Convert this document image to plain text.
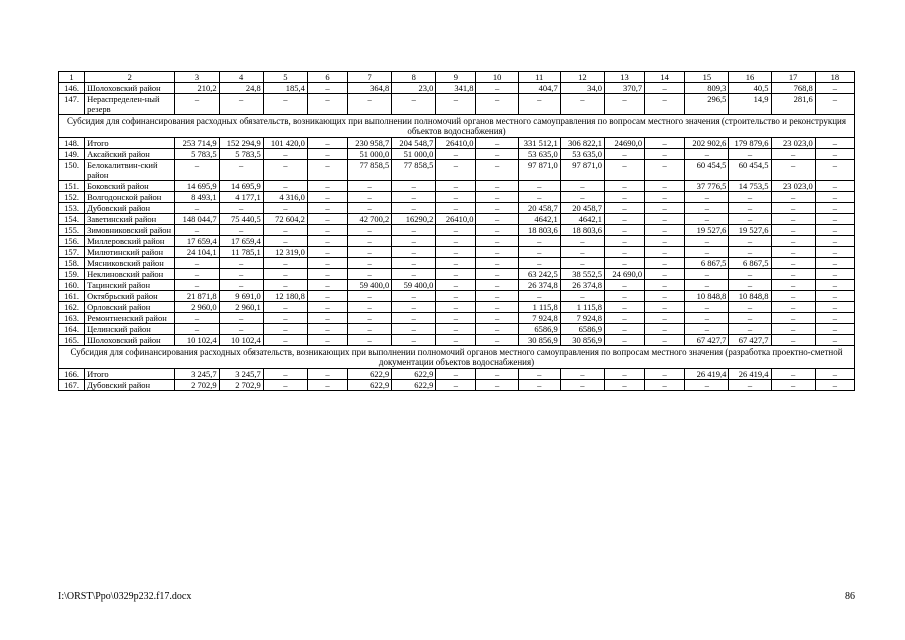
1	2	3	4	5	6	7	8	9	10	11	12	13	14	15	16	17	18
146.	Шолоховский район	210,2	24,8	185,4	–	364,8	23,0	341,8	–	404,7	34,0	370,7	–	809,3	40,5	768,8	–
147.	Нераспределен-ный резерв	–	–	–	–	–	–	–	–	–	–	–	–	296,5	14,9	281,6	–
Субсидия для софинансирования расходных обязательств, возникающих при выполнении полномочий органов местного самоуправления по вопросам местного значения (строительство и реконструкция объектов водоснабжения)																	
148.	Итого	253 714,9	152 294,9	101 420,0	–	230 958,7	204 548,7	26410,0	–	331 512,1	306 822,1	24690,0	–	202 902,6	179 879,6	23 023,0	–
149.	Аксайский район	5 783,5	5 783,5	–	–	51 000,0	51 000,0	–	–	53 635,0	53 635,0	–	–	–	–	–	–
150.	Белокалитвин-ский район	–	–	–	–	77 858,5	77 858,5	–	–	97 871,0	97 871,0	–	–	60 454,5	60 454,5	–	–
151.	Боковский район	14 695,9	14 695,9	–	–	–	–	–	–	–	–	–	–	37 776,5	14 753,5	23 023,0	–
152.	Волгодонской район	8 493,1	4 177,1	4 316,0	–	–	–	–	–	–	–	–	–	–	–	–	–
153.	Дубовский район	–	–	–	–	–	–	–	–	20 458,7	20 458,7	–	–	–	–	–	–
154.	Заветинский район	148 044,7	75 440,5	72 604,2	–	42 700,2	16290,2	26410,0	–	4642,1	4642,1	–	–	–	–	–	–
155.	Зимовниковский район	–	–	–	–	–	–	–	–	18 803,6	18 803,6	–	–	19 527,6	19 527,6	–	–
156.	Миллеровский район	17 659,4	17 659,4	–	–	–	–	–	–	–	–	–	–	–	–	–	–
157.	Милютинский район	24 104,1	11 785,1	12 319,0	–	–	–	–	–	–	–	–	–	–	–	–	–
158.	Мясниковский район	–	–	–	–	–	–	–	–	–	–	–	–	6 867,5	6 867,5	–	–
159.	Неклиновский район	–	–	–	–	–	–	–	–	63 242,5	38 552,5	24 690,0	–	–	–	–	–
160.	Тацинский район	–	–	–	–	59 400,0	59 400,0	–	–	26 374,8	26 374,8	–	–	–	–	–	–
161.	Октябрьский район	21 871,8	9 691,0	12 180,8	–	–	–	–	–	–	–	–	–	10 848,8	10 848,8	–	–
162.	Орловский район	2 960,0	2 960,1	–	–	–	–	–	–	1 115,8	1 115,8	–	–	–	–	–	–
163.	Ремонтненский район	–	–	–	–	–	–	–	–	7 924,8	7 924,8	–	–	–	–	–	–
164.	Целинский район	–	–	–	–	–	–	–	–	6586,9	6586,9	–	–	–	–	–	–
165.	Шолоховский район	10 102,4	10 102,4	–	–	–	–	–	–	30 856,9	30 856,9	–	–	67 427,7	67 427,7	–	–
Субсидия для софинансирования расходных обязательств, возникающих при выполнении полномочий органов местного самоуправления по вопросам местного значения (разработка проектно-сметной документации объектов водоснабжения)																	
166.	Итого	3 245,7	3 245,7	–	–	622,9	622,9	–	–	–	–	–	–	26 419,4	26 419,4	–	–
167.	Дубовский район	2 702,9	2 702,9	–	–	622,9	622,9	–	–	–	–	–	–	–	–	–	–
I:\ORST\Ppo\0329p232.f17.docx	86
